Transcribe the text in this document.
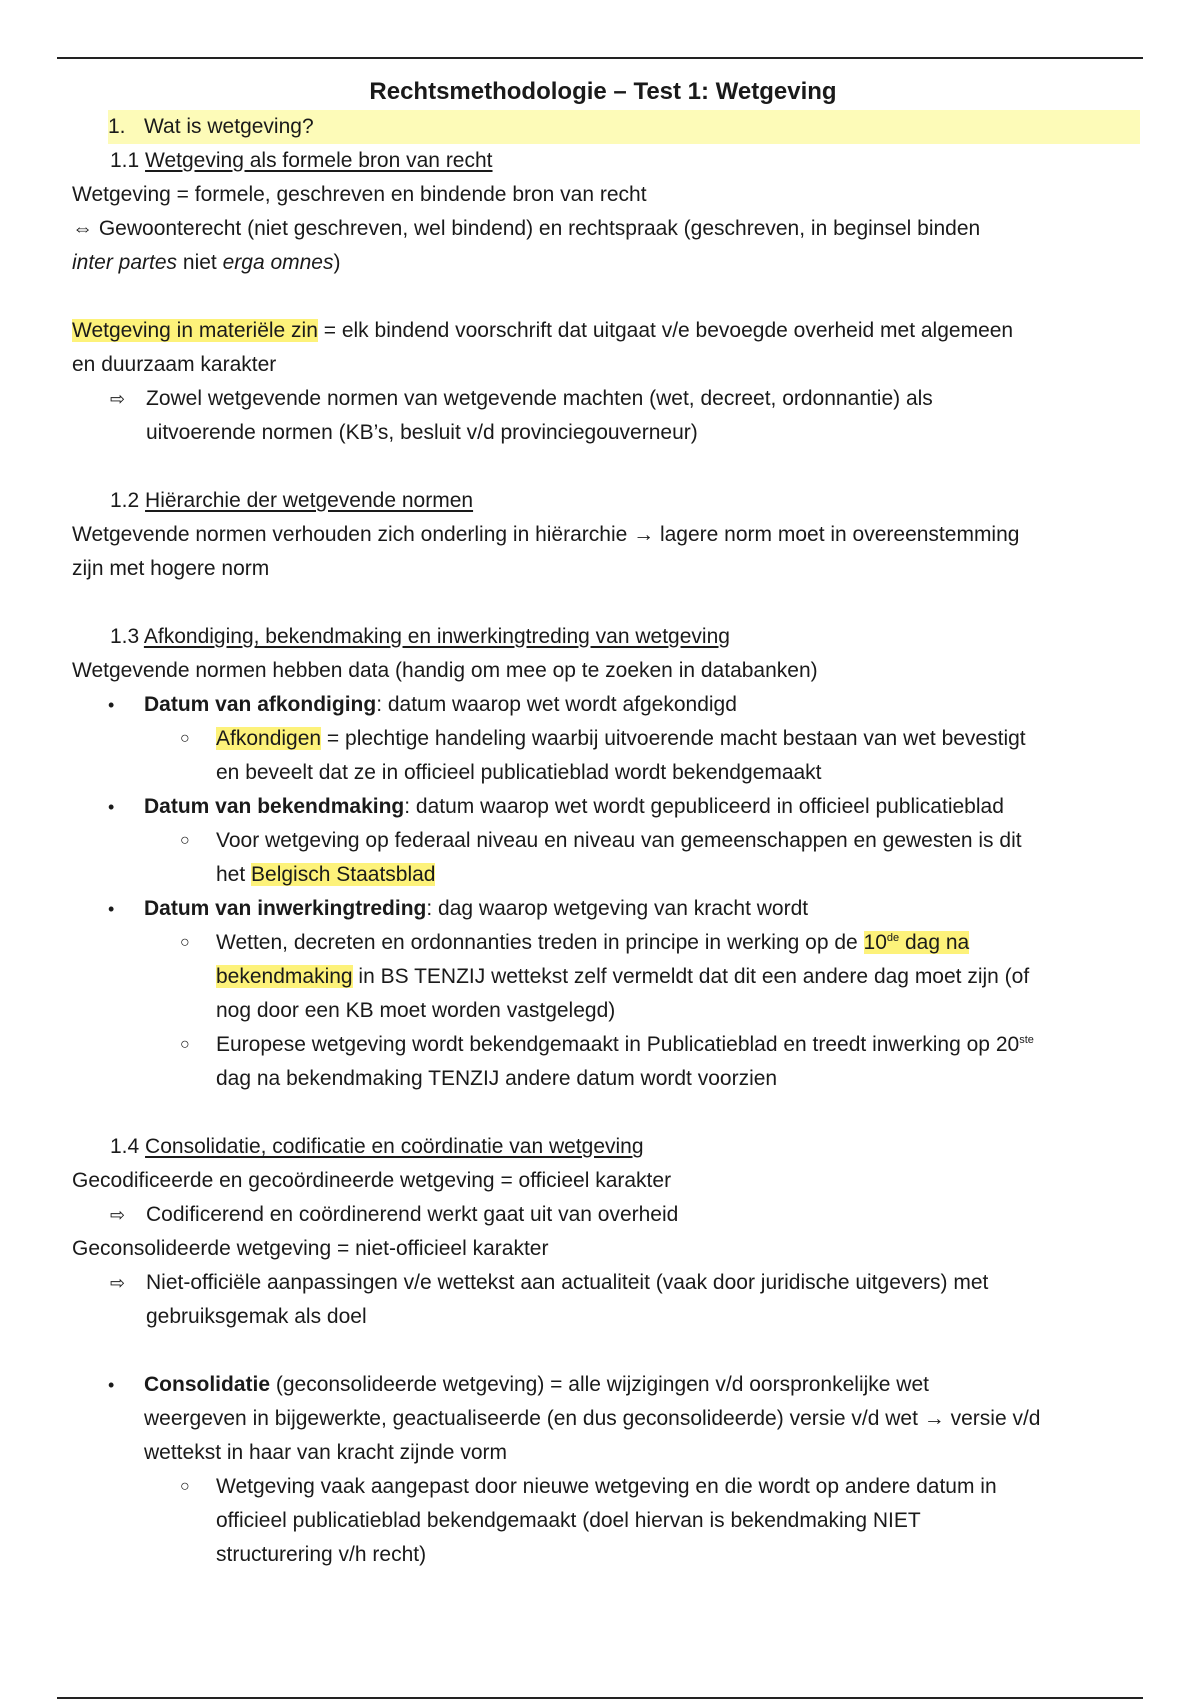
Rechtsmethodologie – Test 1: Wetgeving
1. Wat is wetgeving?
1.1 Wetgeving als formele bron van recht
Wetgeving = formele, geschreven en bindende bron van recht
⇔ Gewoonterecht (niet geschreven, wel bindend) en rechtspraak (geschreven, in beginsel binden
inter partes niet erga omnes)
Wetgeving in materiële zin = elk bindend voorschrift dat uitgaat v/e bevoegde overheid met algemeen
en duurzaam karakter
⇨ Zowel wetgevende normen van wetgevende machten (wet, decreet, ordonnantie) als
uitvoerende normen (KB’s, besluit v/d provinciegouverneur)
1.2 Hiërarchie der wetgevende normen
Wetgevende normen verhouden zich onderling in hiërarchie → lagere norm moet in overeenstemming
zijn met hogere norm
1.3 Afkondiging, bekendmaking en inwerkingtreding van wetgeving
Wetgevende normen hebben data (handig om mee op te zoeken in databanken)
•	Datum van afkondiging: datum waarop wet wordt afgekondigd
○	Afkondigen = plechtige handeling waarbij uitvoerende macht bestaan van wet bevestigt
en beveelt dat ze in officieel publicatieblad wordt bekendgemaakt
•	Datum van bekendmaking: datum waarop wet wordt gepubliceerd in officieel publicatieblad
○	Voor wetgeving op federaal niveau en niveau van gemeenschappen en gewesten is dit
het Belgisch Staatsblad
•	Datum van inwerkingtreding: dag waarop wetgeving van kracht wordt
○	Wetten, decreten en ordonnanties treden in principe in werking op de 10de dag na
bekendmaking in BS TENZIJ wettekst zelf vermeldt dat dit een andere dag moet zijn (of
nog door een KB moet worden vastgelegd)
○	Europese wetgeving wordt bekendgemaakt in Publicatieblad en treedt inwerking op 20ste
dag na bekendmaking TENZIJ andere datum wordt voorzien
1.4 Consolidatie, codificatie en coördinatie van wetgeving
Gecodificeerde en gecoördineerde wetgeving = officieel karakter
⇨ Codificerend en coördinerend werkt gaat uit van overheid
Geconsolideerde wetgeving = niet-officieel karakter
⇨ Niet-officiële aanpassingen v/e wettekst aan actualiteit (vaak door juridische uitgevers) met
gebruiksgemak als doel
•	Consolidatie (geconsolideerde wetgeving) = alle wijzigingen v/d oorspronkelijke wet
weergeven in bijgewerkte, geactualiseerde (en dus geconsolideerde) versie v/d wet → versie v/d
wettekst in haar van kracht zijnde vorm
○	Wetgeving vaak aangepast door nieuwe wetgeving en die wordt op andere datum in
officieel publicatieblad bekendgemaakt (doel hiervan is bekendmaking NIET
structurering v/h recht)
